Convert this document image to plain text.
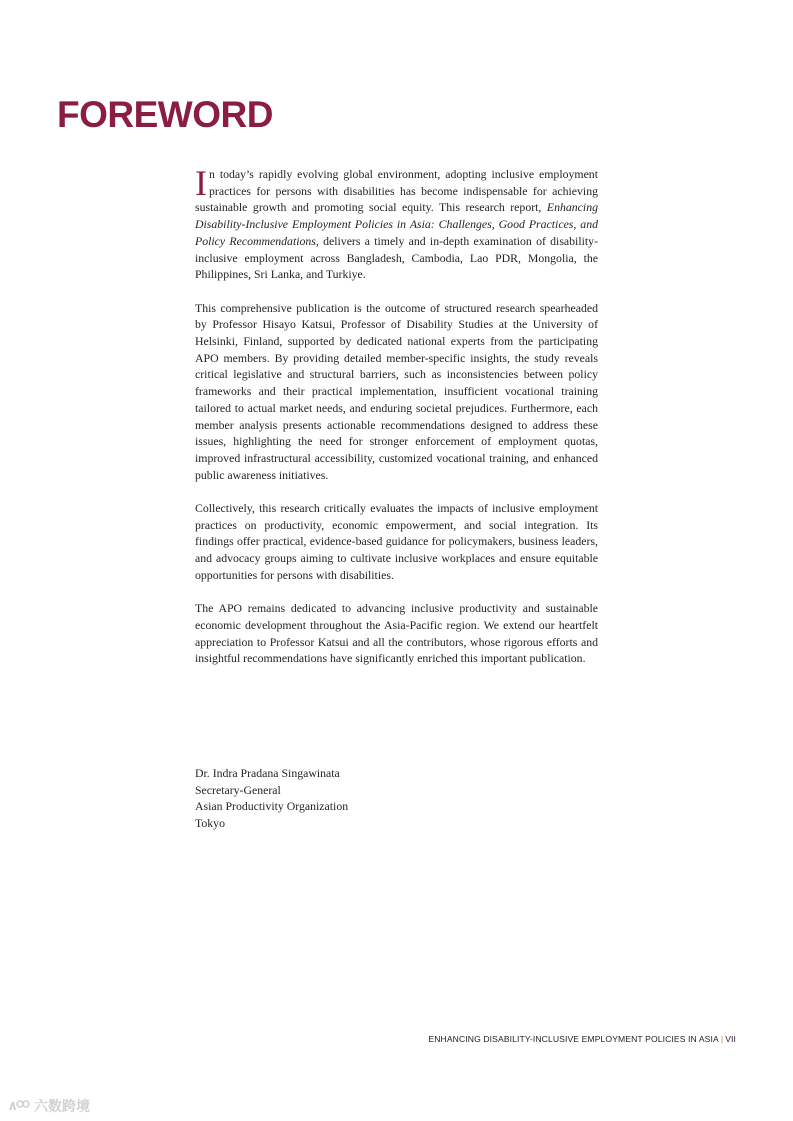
FOREWORD

In today’s rapidly evolving global environment, adopting inclusive employment practices for persons with disabilities has become indispensable for achieving sustainable growth and promoting social equity. This research report, Enhancing Disability-Inclusive Employment Policies in Asia: Challenges, Good Practices, and Policy Recommendations, delivers a timely and in-depth examination of disability-inclusive employment across Bangladesh, Cambodia, Lao PDR, Mongolia, the Philippines, Sri Lanka, and Turkiye.

This comprehensive publication is the outcome of structured research spearheaded by Professor Hisayo Katsui, Professor of Disability Studies at the University of Helsinki, Finland, supported by dedicated national experts from the participating APO members. By providing detailed member-specific insights, the study reveals critical legislative and structural barriers, such as inconsistencies between policy frameworks and their practical implementation, insufficient vocational training tailored to actual market needs, and enduring societal prejudices. Furthermore, each member analysis presents actionable recommendations designed to address these issues, highlighting the need for stronger enforcement of employment quotas, improved infrastructural accessibility, customized vocational training, and enhanced public awareness initiatives.

Collectively, this research critically evaluates the impacts of inclusive employment practices on productivity, economic empowerment, and social integration. Its findings offer practical, evidence-based guidance for policymakers, business leaders, and advocacy groups aiming to cultivate inclusive workplaces and ensure equitable opportunities for persons with disabilities.

The APO remains dedicated to advancing inclusive productivity and sustainable economic development throughout the Asia-Pacific region. We extend our heartfelt appreciation to Professor Katsui and all the contributors, whose rigorous efforts and insightful recommendations have significantly enriched this important publication.

Dr. Indra Pradana Singawinata
Secretary-General
Asian Productivity Organization
Tokyo
ENHANCING DISABILITY-INCLUSIVE EMPLOYMENT POLICIES IN ASIA | VII
六数跨境
